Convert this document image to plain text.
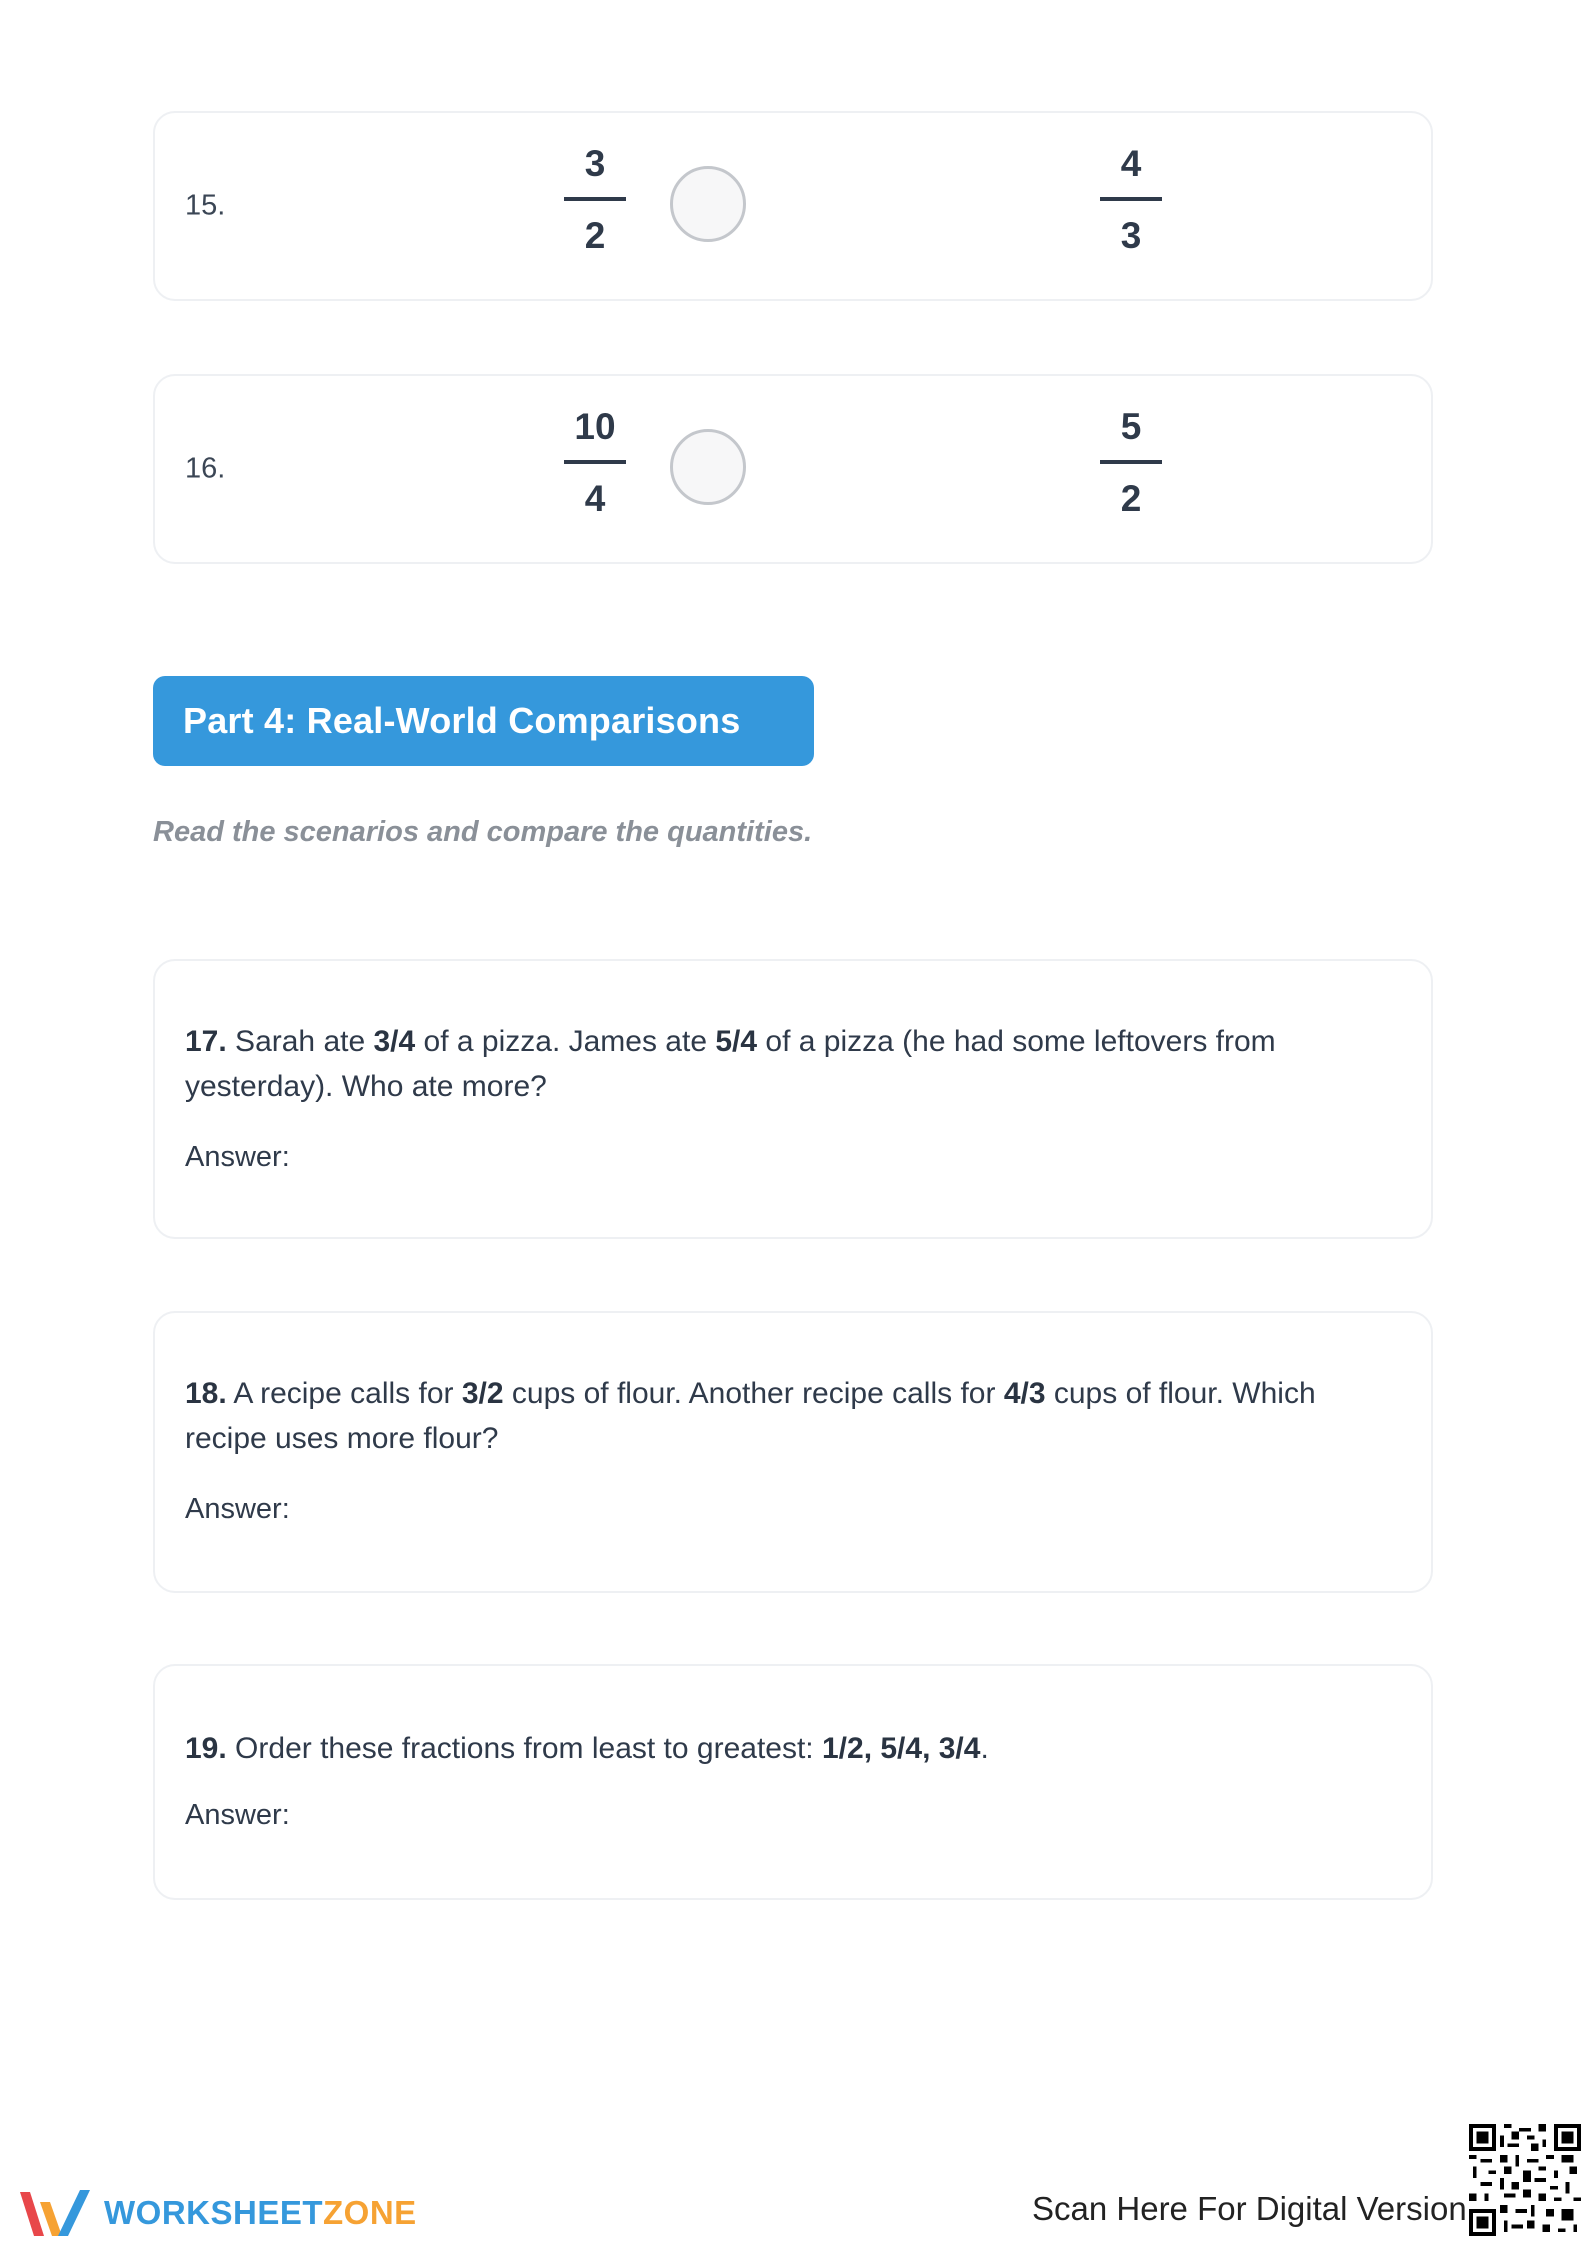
15.
3
2
4
3
16.
10
4
5
2
Part 4: Real-World Comparisons
Read the scenarios and compare the quantities.
17. Sarah ate 3/4 of a pizza. James ate 5/4 of a pizza (he had some leftovers from yesterday). Who ate more?
Answer:
18. A recipe calls for 3/2 cups of flour. Another recipe calls for 4/3 cups of flour. Which recipe uses more flour?
Answer:
19. Order these fractions from least to greatest: 1/2, 5/4, 3/4.
Answer:
WORKSHEETZONE	Scan Here For Digital Version
